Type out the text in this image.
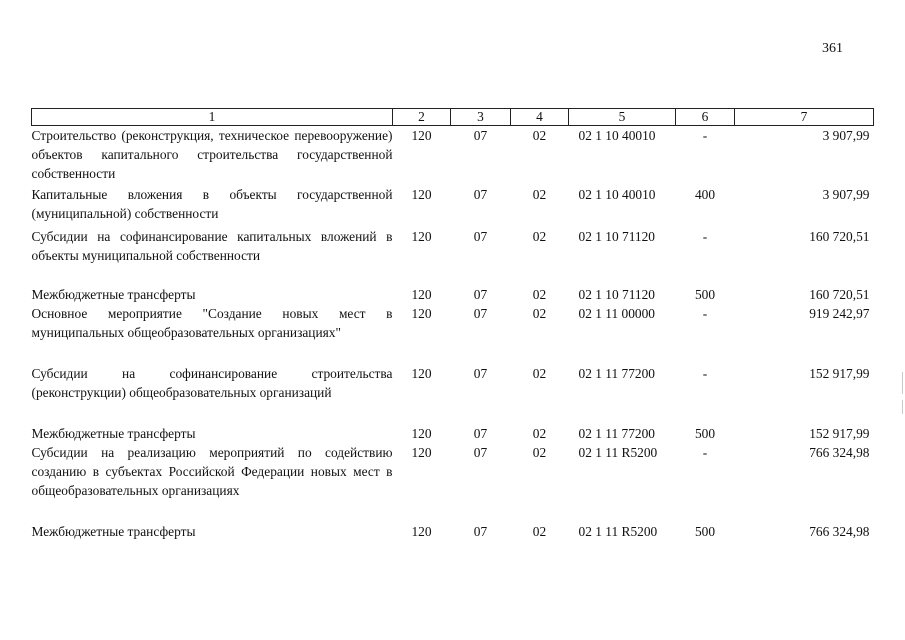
361
1	2	3	4	5	6	7
Строительство (реконструкция, техническое перевооружение) объектов капитального строительства государственной собственности	120	07	02	02 1 10 40010	-	3 907,99
Капитальные вложения в объекты государственной (муниципальной) собственности	120	07	02	02 1 10 40010	400	3 907,99
Субсидии на софинансирование капитальных вложений в объекты муниципальной собственности	120	07	02	02 1 10 71120	-	160 720,51
Межбюджетные трансферты	120	07	02	02 1 10 71120	500	160 720,51
Основное мероприятие "Создание новых мест в муниципальных общеобразовательных организациях"	120	07	02	02 1 11 00000	-	919 242,97
Субсидии на софинансирование строительства (реконструкции) общеобразовательных организаций	120	07	02	02 1 11 77200	-	152 917,99
Межбюджетные трансферты	120	07	02	02 1 11 77200	500	152 917,99
Субсидии на реализацию мероприятий по содействию созданию в субъектах Российской Федерации новых мест в общеобразовательных организациях	120	07	02	02 1 11 R5200	-	766 324,98
Межбюджетные трансферты	120	07	02	02 1 11 R5200	500	766 324,98
